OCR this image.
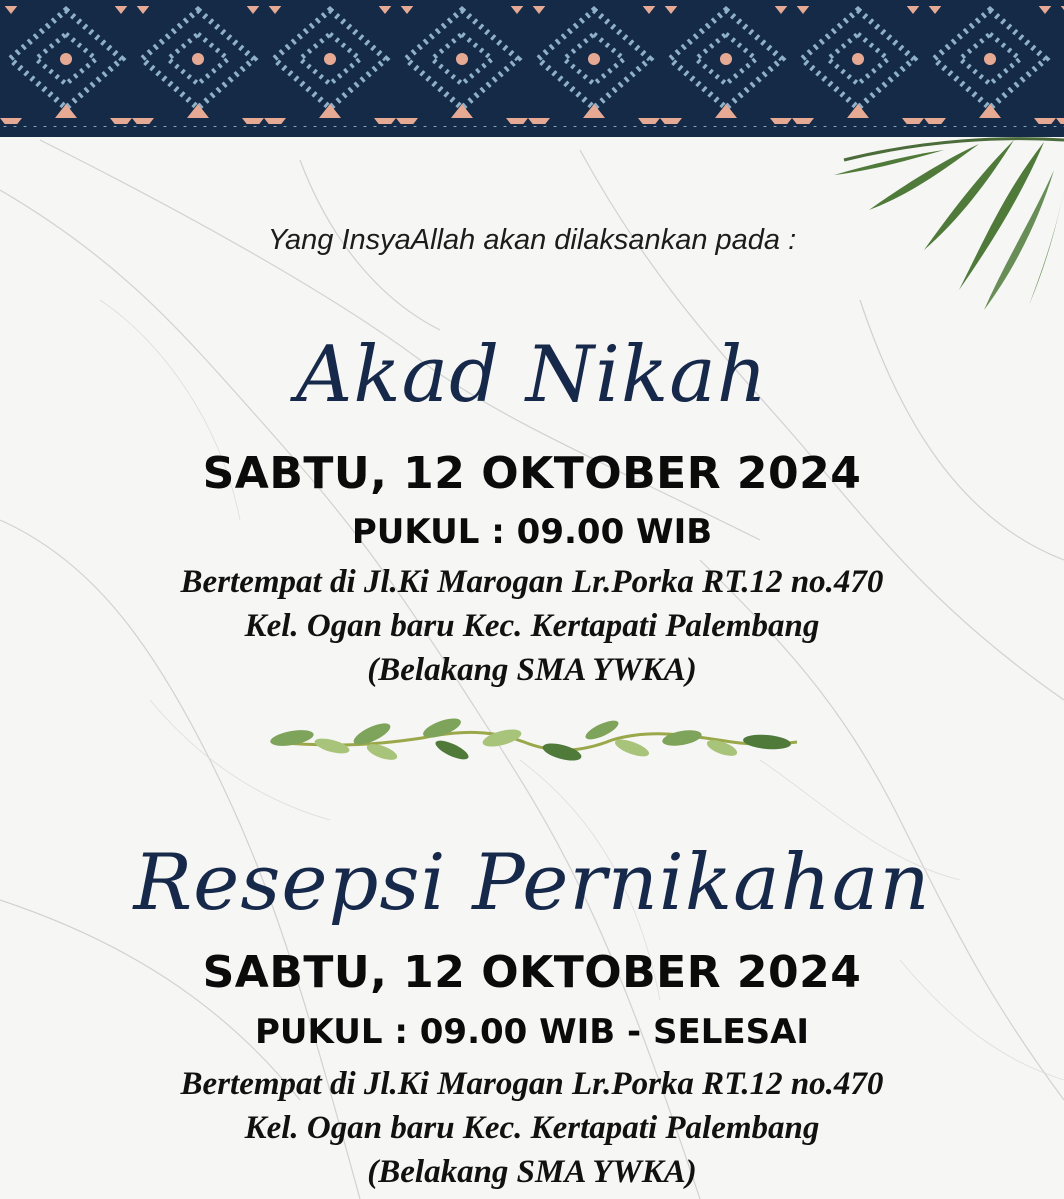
Yang InsyaAllah akan dilaksankan pada :
Akad Nikah
SABTU, 12 OKTOBER 2024
PUKUL : 09.00 WIB
Bertempat di Jl.Ki Marogan Lr.Porka RT.12 no.470
Kel. Ogan baru Kec. Kertapati Palembang
(Belakang SMA YWKA)
Resepsi Pernikahan
SABTU, 12 OKTOBER 2024
PUKUL : 09.00 WIB - SELESAI
Bertempat di Jl.Ki Marogan Lr.Porka RT.12 no.470
Kel. Ogan baru Kec. Kertapati Palembang
(Belakang SMA YWKA)
